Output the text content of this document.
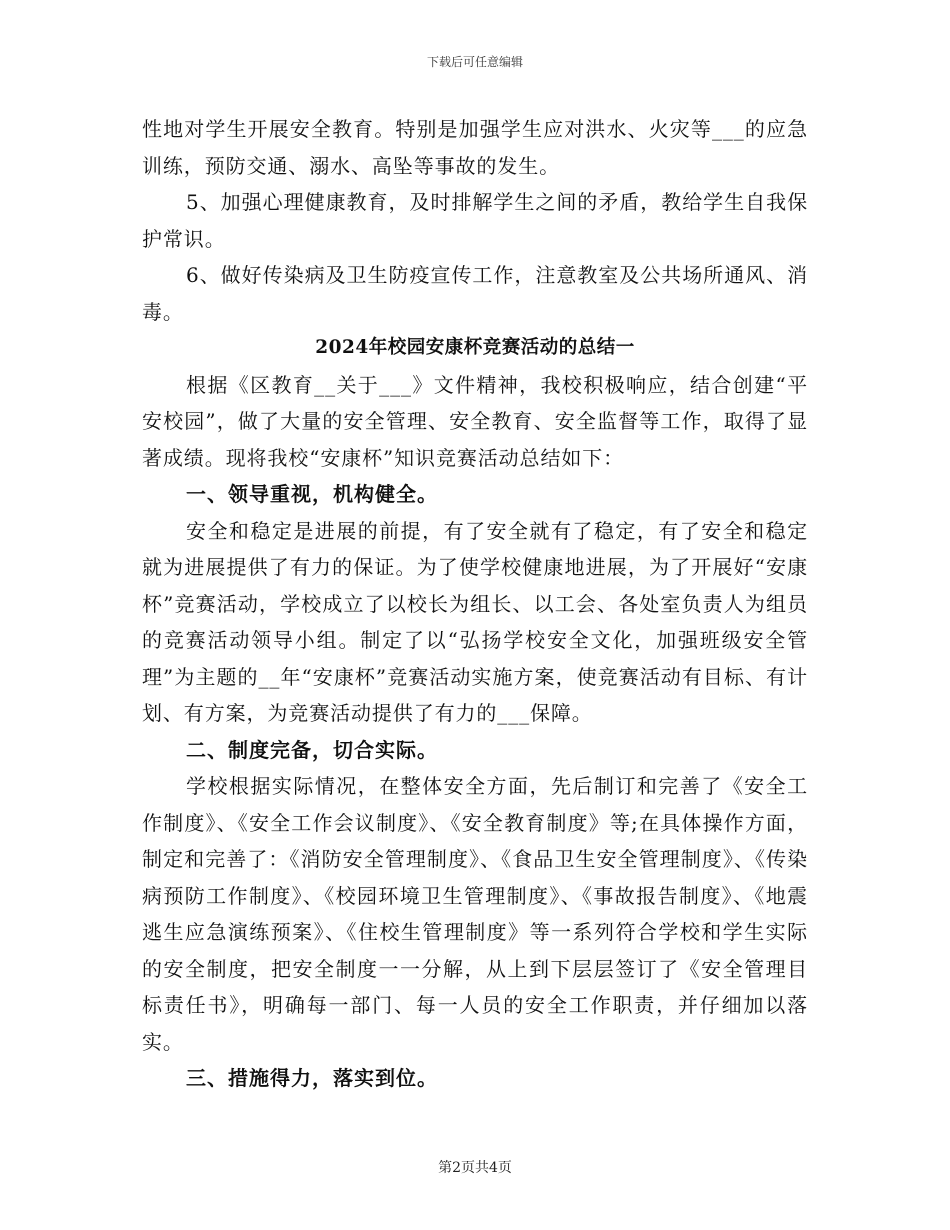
下载后可任意编辑

性地对学生开展安全教育。特别是加强学生应对洪水、火灾等___的应急训练，预防交通、溺水、高坠等事故的发生。

5、加强心理健康教育，及时排解学生之间的矛盾，教给学生自我保护常识。

6、做好传染病及卫生防疫宣传工作，注意教室及公共场所通风、消毒。

2024年校园安康杯竞赛活动的总结一

根据《区教育__关于___》文件精神，我校积极响应，结合创建“平安校园”，做了大量的安全管理、安全教育、安全监督等工作，取得了显著成绩。现将我校“安康杯”知识竞赛活动总结如下：

一、领导重视，机构健全。

安全和稳定是进展的前提，有了安全就有了稳定，有了安全和稳定就为进展提供了有力的保证。为了使学校健康地进展，为了开展好“安康杯”竞赛活动，学校成立了以校长为组长、以工会、各处室负责人为组员的竞赛活动领导小组。制定了以“弘扬学校安全文化，加强班级安全管理”为主题的__年“安康杯”竞赛活动实施方案，使竞赛活动有目标、有计划、有方案，为竞赛活动提供了有力的___保障。

二、制度完备，切合实际。

学校根据实际情况，在整体安全方面，先后制订和完善了《安全工作制度》、《安全工作会议制度》、《安全教育制度》等;在具体操作方面，制定和完善了：《消防安全管理制度》、《食品卫生安全管理制度》、《传染病预防工作制度》、《校园环境卫生管理制度》、《事故报告制度》、《地震逃生应急演练预案》、《住校生管理制度》等一系列符合学校和学生实际的安全制度，把安全制度一一分解，从上到下层层签订了《安全管理目标责任书》，明确每一部门、每一人员的安全工作职责，并仔细加以落实。

三、措施得力，落实到位。

第2页共4页
